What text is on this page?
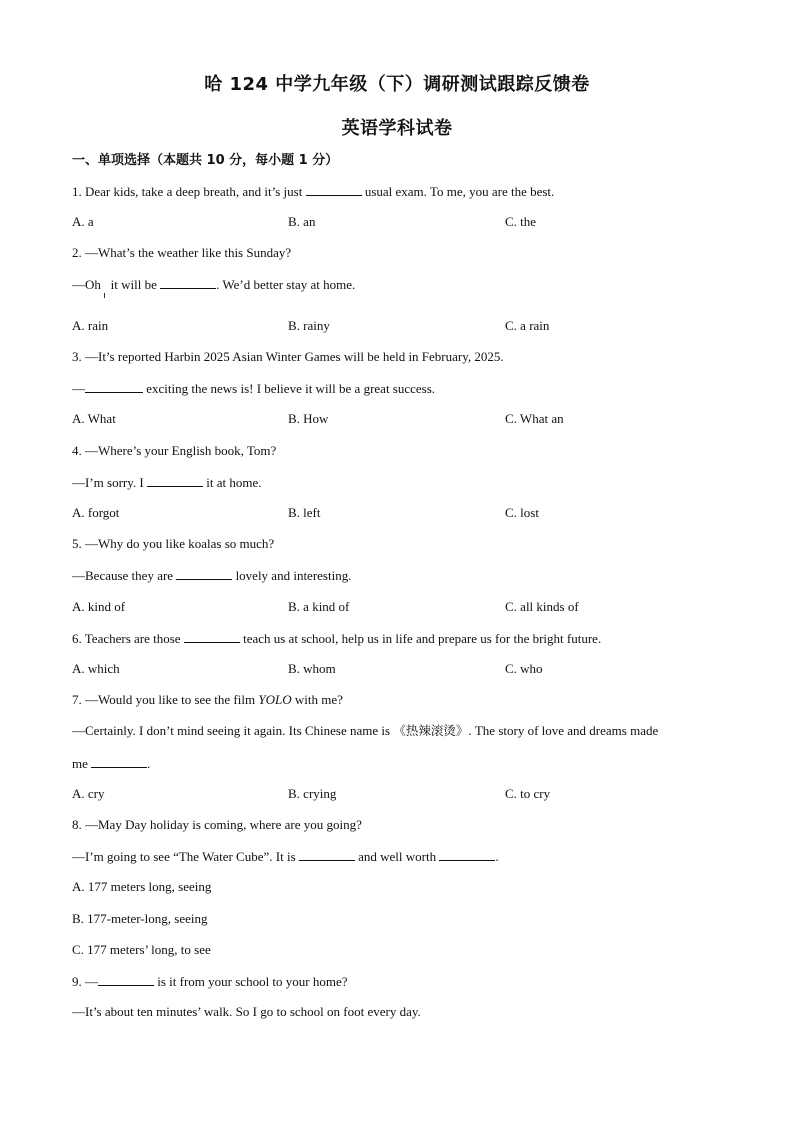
哈 124 中学九年级（下）调研测试跟踪反馈卷
英语学科试卷
一、单项选择（本题共 10 分，每小题 1 分）
1. Dear kids, take a deep breath, and it’s just	usual exam. To me, you are the best.
A. a	B. an	C. the
2. —What’s the weather like this Sunday?
—Oh   it will be	. We’d better stay at home.
A. rain	B. rainy	C. a rain
3. —It’s reported Harbin 2025 Asian Winter Games will be held in February, 2025.
—	exciting the news is! I believe it will be a great success.
A. What	B. How	C. What an
4. —Where’s your English book, Tom?
—I’m sorry. I	it at home.
A. forgot	B. left	C. lost
5. —Why do you like koalas so much?
—Because they are	lovely and interesting.
A. kind of	B. a kind of	C. all kinds of
6. Teachers are those	teach us at school, help us in life and prepare us for the bright future.
A. which	B. whom	C. who
7. —Would you like to see the film YOLO with me?
—Certainly. I don’t mind seeing it again. Its Chinese name is 《热辣滚烫》. The story of love and dreams made
me	.
A. cry	B. crying	C. to cry
8. —May Day holiday is coming, where are you going?
—I’m going to see “The Water Cube”. It is	and well worth	.
A. 177 meters long, seeing
B. 177-meter-long, seeing
C. 177 meters’ long, to see
9. —	is it from your school to your home?
—It’s about ten minutes’ walk. So I go to school on foot every day.
